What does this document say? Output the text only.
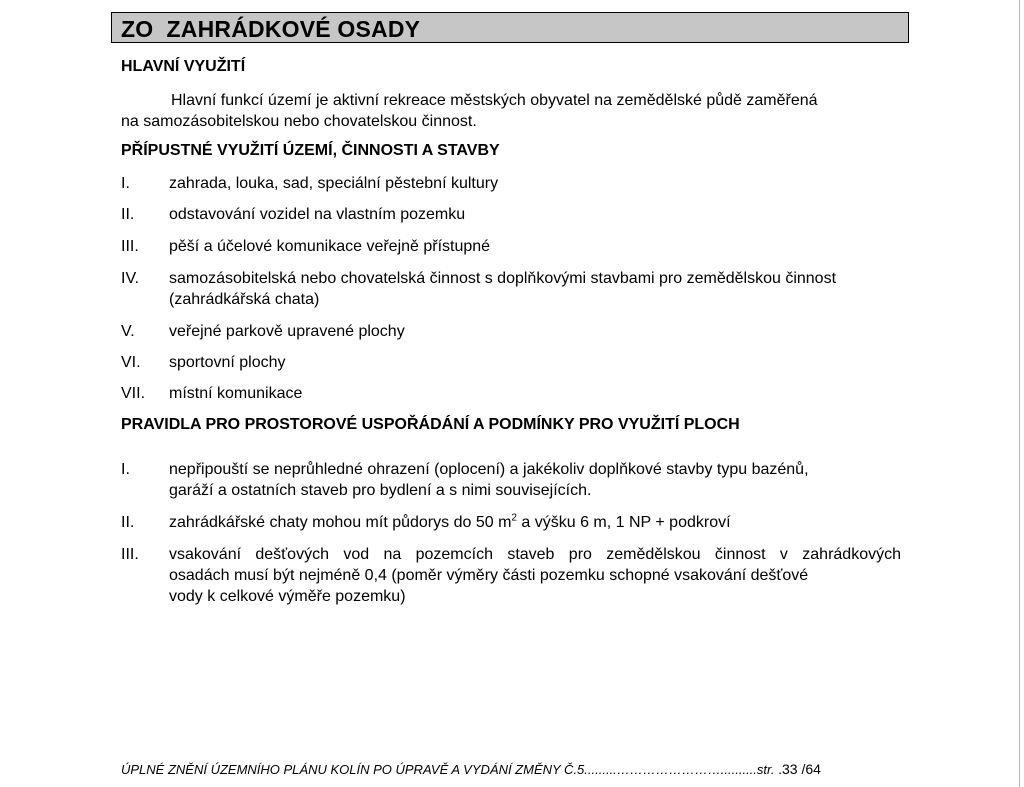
ZO  ZAHRÁDKOVÉ OSADY
HLAVNÍ VYUŽITÍ
Hlavní funkcí území je aktivní rekreace městských obyvatel na zemědělské půdě zaměřená
na samozásobitelskou nebo chovatelskou činnost.
PŘÍPUSTNÉ VYUŽITÍ ÚZEMÍ, ČINNOSTI A STAVBY
I. zahrada, louka, sad, speciální pěstební kultury
II. odstavování vozidel na vlastním pozemku
III. pěší a účelové komunikace veřejně přístupné
IV. samozásobitelská nebo chovatelská činnost s doplňkovými stavbami pro zemědělskou činnost
(zahrádkářská chata)
V. veřejné parkově upravené plochy
VI. sportovní plochy
VII. místní komunikace
PRAVIDLA PRO PROSTOROVÉ USPOŘÁDÁNÍ A PODMÍNKY PRO VYUŽITÍ PLOCH
I. nepřipouští se neprůhledné ohrazení (oplocení) a jakékoliv doplňkové stavby typu bazénů,
garáží a ostatních staveb pro bydlení a s nimi souvisejících.
II. zahrádkářské chaty mohou mít půdorys do 50 $m^2$ a výšku 6 m, 1 NP + podkroví
III. vsakování dešťových vod na pozemcích staveb pro zemědělskou činnost v zahrádkových
osadách musí být nejméně 0,4 (poměr výměry části pozemku schopné vsakování dešťové
vody k celkové výměře pozemku)
ÚPLNÉ ZNĚNÍ ÚZEMNÍHO PLÁNU KOLÍN PO ÚPRAVĚ A VYDÁNÍ ZMĚNY Č.5.........……………………..........str. .33 /64
